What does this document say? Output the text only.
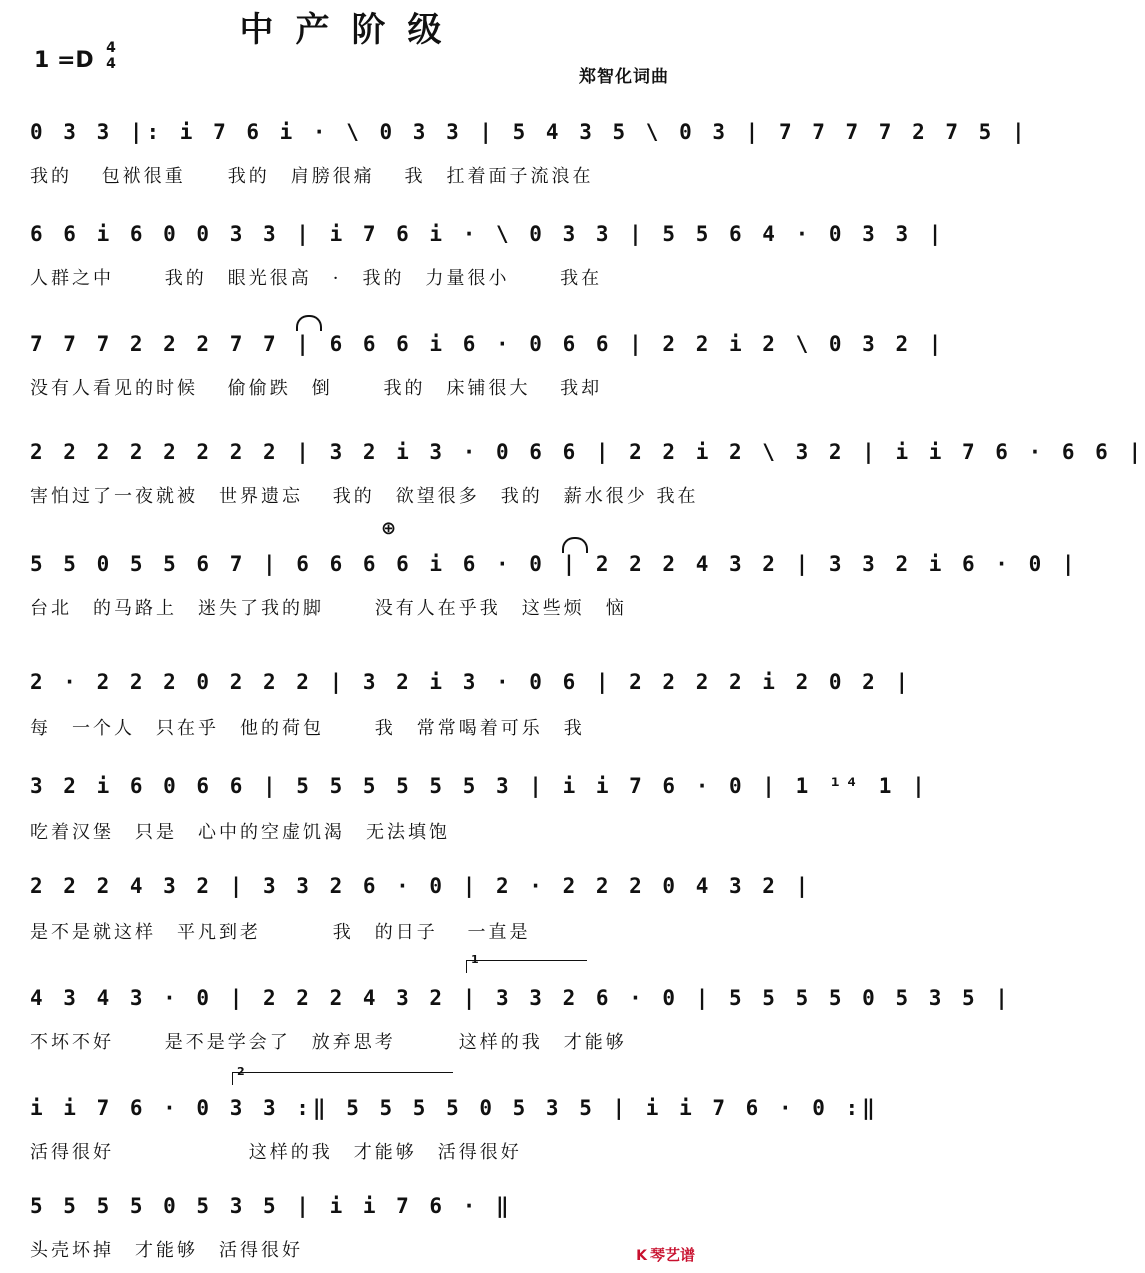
中产阶级
1 =D 4
4
郑智化词曲
0 3 3 |: i 7 6 i · \ 0 3 3 | 5 4 3 5 \ 0 3 | 7 7 7 7 2 7 5 |
我的　 包袱很重　　我的　肩膀很痛　 我　扛着面子流浪在
6 6 i 6 0 0 3 3 | i 7 6 i · \ 0 3 3 | 5 5 6 4 · 0 3 3 |
人群之中　　 我的　眼光很高　·　我的　力量很小　　 我在
7 7 7 2 2 2 7 7 | 6 6 6 i 6 · 0 6 6 | 2 2 i 2 \ 0 3 2 |
没有人看见的时候　 偷偷跌　倒　　 我的　床铺很大　 我却
2 2 2 2 2 2 2 2 | 3 2 i 3 · 0 6 6 | 2 2 i 2 \ 3 2 | i i 7 6 · 6 6 |
害怕过了一夜就被　世界遗忘　 我的　欲望很多　我的　薪水很少 我在
⊕
5 5 0 5 5 6 7 | 6 6 6 6 i 6 · 0 | 2 2 2 4 3 2 | 3 3 2 i 6 · 0 |
台北　的马路上　迷失了我的脚　　 没有人在乎我　这些烦　恼
2 · 2 2 2 0 2 2 2 | 3 2 i 3 · 0 6 | 2 2 2 2 i 2 0 2 |
每　一个人　只在乎　他的荷包　　 我　常常喝着可乐　我
3 2 i 6 0 6 6 | 5 5 5 5 5 5 3 | i i 7 6 · 0 | 1 ¹⁴ 1 |
吃着汉堡　只是　心中的空虚饥渴　无法填饱
2 2 2 4 3 2 | 3 3 2 6 · 0 | 2 · 2 2 2 0 4 3 2 |
是不是就这样　平凡到老　　　 我　的日子　 一直是
1
4 3 4 3 · 0 | 2 2 2 4 3 2 | 3 3 2 6 · 0 | 5 5 5 5 0 5 3 5 |
不坏不好　　 是不是学会了　放弃思考　　　这样的我　才能够
2
i i 7 6 · 0 3 3 :‖ 5 5 5 5 0 5 3 5 | i i 7 6 · 0 :‖
活得很好　　　　　　 这样的我　才能够　活得很好
5 5 5 5 0 5 3 5 | i i 7 6 · ‖
头壳坏掉　才能够　活得很好	K 琴艺谱
